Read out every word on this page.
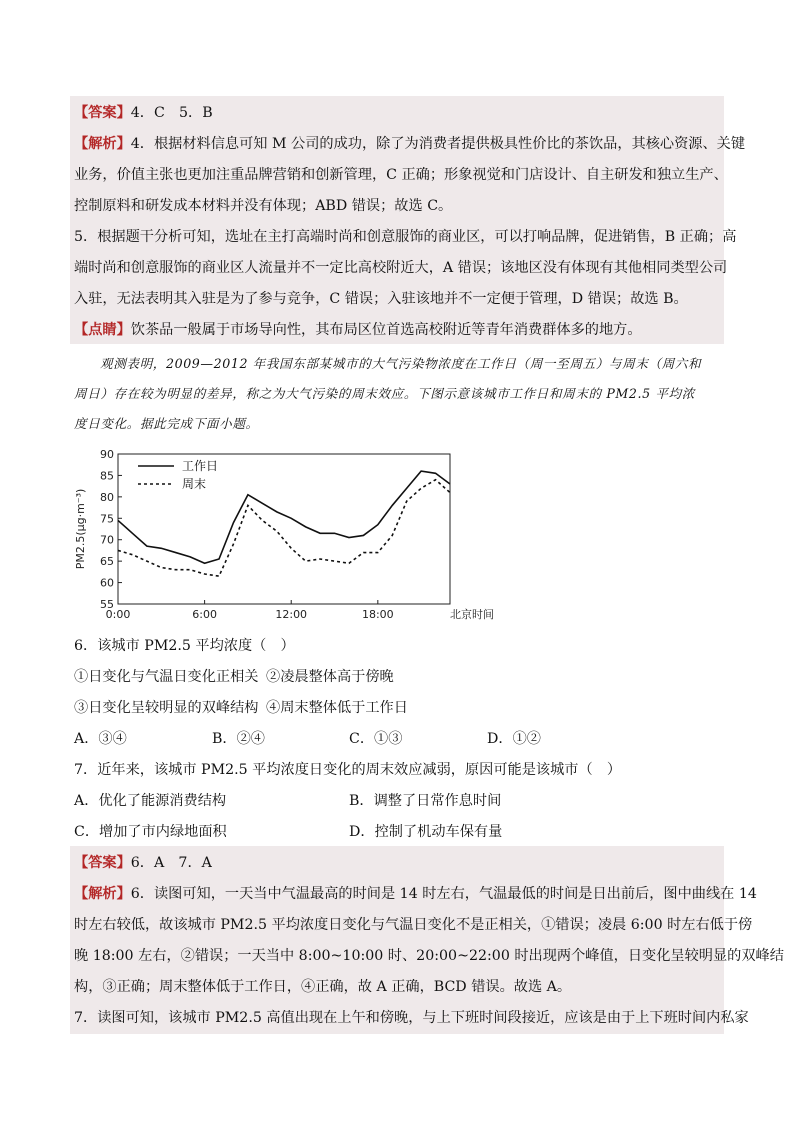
【答案】4．C　5．B
【解析】4．根据材料信息可知 M 公司的成功，除了为消费者提供极具性价比的茶饮品，其核心资源、关键
业务，价值主张也更加注重品牌营销和创新管理，C 正确；形象视觉和门店设计、自主研发和独立生产、
控制原料和研发成本材料并没有体现；ABD 错误；故选 C。
5．根据题干分析可知，选址在主打高端时尚和创意服饰的商业区，可以打响品牌，促进销售，B 正确；高
端时尚和创意服饰的商业区人流量并不一定比高校附近大，A 错误；该地区没有体现有其他相同类型公司
入驻，无法表明其入驻是为了参与竞争，C 错误；入驻该地并不一定便于管理，D 错误；故选 B。
【点睛】饮茶品一般属于市场导向性，其布局区位首选高校附近等青年消费群体多的地方。
观测表明，2009—2012 年我国东部某城市的大气污染物浓度在工作日（周一至周五）与周末（周六和
周日）存在较为明显的差异，称之为大气污染的周末效应。下图示意该城市工作日和周末的 PM2.5 平均浓
度日变化。据此完成下面小题。
55
60
65
70
75
80
85
90
0:00	6:00	12:00	18:00	北京时间
PM2.5(μg·m⁻³)
工作日
周末
6．该城市 PM2.5 平均浓度（　）
①日变化与气温日变化正相关 ②凌晨整体高于傍晚
③日变化呈较明显的双峰结构 ④周末整体低于工作日
A．③④	B．②④	C．①③	D．①②
7．近年来，该城市 PM2.5 平均浓度日变化的周末效应减弱，原因可能是该城市（　）
A．优化了能源消费结构	B．调整了日常作息时间
C．增加了市内绿地面积	D．控制了机动车保有量
【答案】6．A　7．A
【解析】6．读图可知，一天当中气温最高的时间是 14 时左右，气温最低的时间是日出前后，图中曲线在 14
时左右较低，故该城市 PM2.5 平均浓度日变化与气温日变化不是正相关，①错误；凌晨 6:00 时左右低于傍
晚 18:00 左右，②错误；一天当中 8:00~10:00 时、20:00~22:00 时出现两个峰值，日变化呈较明显的双峰结
构，③正确；周末整体低于工作日，④正确，故 A 正确，BCD 错误。故选 A。
7．读图可知，该城市 PM2.5 高值出现在上午和傍晚，与上下班时间段接近，应该是由于上下班时间内私家
